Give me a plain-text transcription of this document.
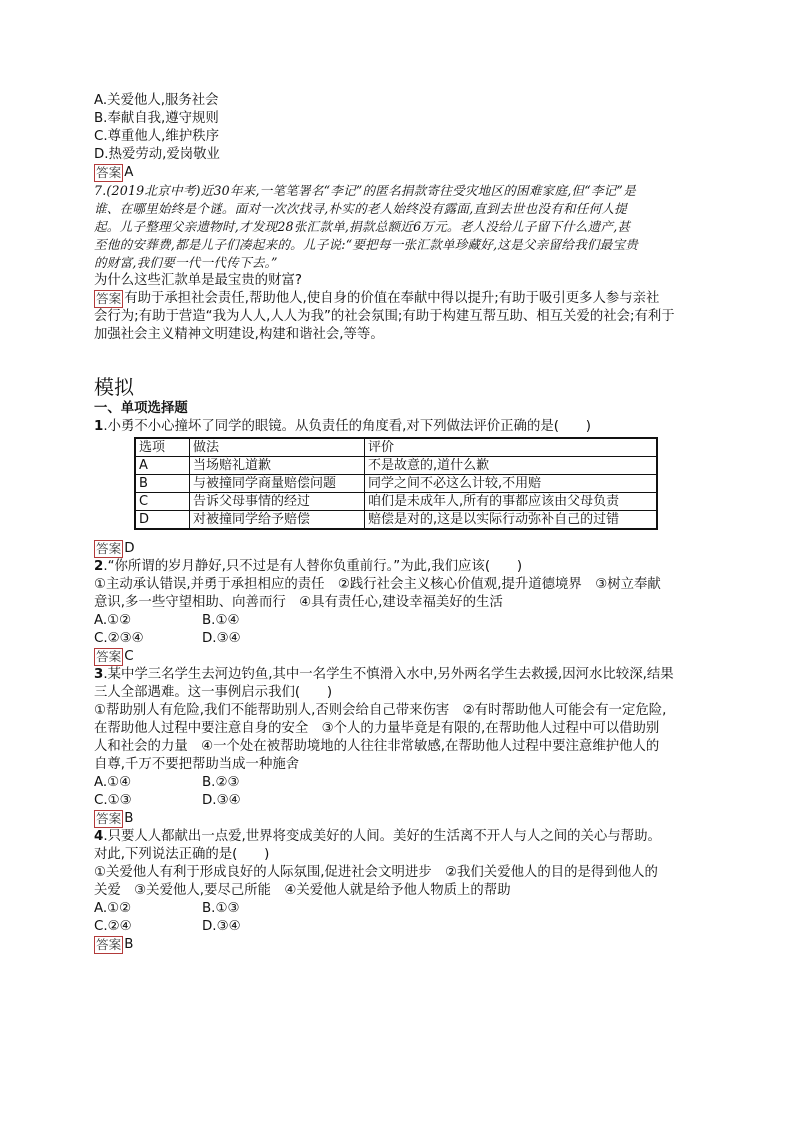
A.关爱他人,服务社会
B.奉献自我,遵守规则
C.尊重他人,维护秩序
D.热爱劳动,爱岗敬业
答案 A
7.(2019北京中考)近30年来,一笔笔署名“李记”的匿名捐款寄往受灾地区的困难家庭,但“李记”是
谁、在哪里始终是个谜。面对一次次找寻,朴实的老人始终没有露面,直到去世也没有和任何人提
起。儿子整理父亲遗物时,才发现28张汇款单,捐款总额近6万元。老人没给儿子留下什么遗产,甚
至他的安葬费,都是儿子们凑起来的。儿子说:“要把每一张汇款单珍藏好,这是父亲留给我们最宝贵
的财富,我们要一代一代传下去。”
为什么这些汇款单是最宝贵的财富?
答案 有助于承担社会责任,帮助他人,使自身的价值在奉献中得以提升;有助于吸引更多人参与亲社
会行为;有助于营造“我为人人,人人为我”的社会氛围;有助于构建互帮互助、相互关爱的社会;有利于
加强社会主义精神文明建设,构建和谐社会,等等。
模拟
一、单项选择题
1.小勇不小心撞坏了同学的眼镜。从负责任的角度看,对下列做法评价正确的是(　　)
选项	做法	评价
A	当场赔礼道歉	不是故意的,道什么歉
B	与被撞同学商量赔偿问题	同学之间不必这么计较,不用赔
C	告诉父母事情的经过	咱们是未成年人,所有的事都应该由父母负责
D	对被撞同学给予赔偿	赔偿是对的,这是以实际行动弥补自己的过错
答案 D
2.“你所谓的岁月静好,只不过是有人替你负重前行。”为此,我们应该(　　)
①主动承认错误,并勇于承担相应的责任　②践行社会主义核心价值观,提升道德境界　③树立奉献
意识,多一些守望相助、向善而行　④具有责任心,建设幸福美好的生活
A.①②	B.①④
C.②③④	D.③④
答案 C
3.某中学三名学生去河边钓鱼,其中一名学生不慎滑入水中,另外两名学生去救援,因河水比较深,结果
三人全部遇难。这一事例启示我们(　　)
①帮助别人有危险,我们不能帮助别人,否则会给自己带来伤害　②有时帮助他人可能会有一定危险,
在帮助他人过程中要注意自身的安全　③个人的力量毕竟是有限的,在帮助他人过程中可以借助别
人和社会的力量　④一个处在被帮助境地的人往往非常敏感,在帮助他人过程中要注意维护他人的
自尊,千万不要把帮助当成一种施舍
A.①④	B.②③
C.①③	D.③④
答案 B
4.只要人人都献出一点爱,世界将变成美好的人间。美好的生活离不开人与人之间的关心与帮助。
对此,下列说法正确的是(　　)
①关爱他人有利于形成良好的人际氛围,促进社会文明进步　②我们关爱他人的目的是得到他人的
关爱　③关爱他人,要尽己所能　④关爱他人就是给予他人物质上的帮助
A.①②	B.①③
C.②④	D.③④
答案 B
